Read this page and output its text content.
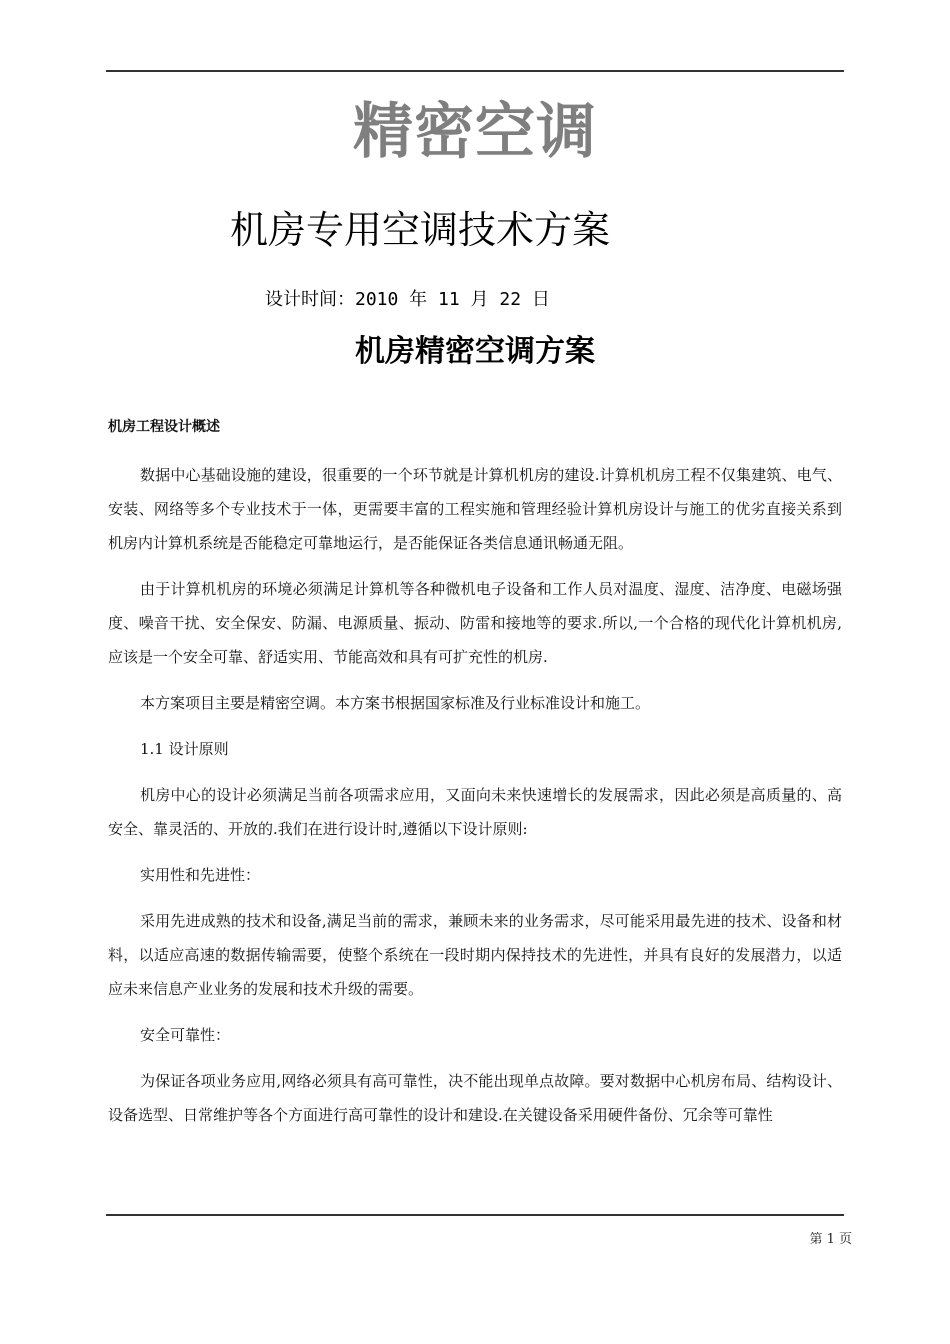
精密空调
机房专用空调技术方案
设计时间：2010 年 11 月 22 日
机房精密空调方案
机房工程设计概述

数据中心基础设施的建设，很重要的一个环节就是计算机机房的建设.计算机机房工程不仅集建筑、电气、安装、网络等多个专业技术于一体，更需要丰富的工程实施和管理经验计算机房设计与施工的优劣直接关系到机房内计算机系统是否能稳定可靠地运行，是否能保证各类信息通讯畅通无阻。

由于计算机机房的环境必须满足计算机等各种微机电子设备和工作人员对温度、湿度、洁净度、电磁场强度、噪音干扰、安全保安、防漏、电源质量、振动、防雷和接地等的要求.所以,一个合格的现代化计算机机房,应该是一个安全可靠、舒适实用、节能高效和具有可扩充性的机房.

本方案项目主要是精密空调。本方案书根据国家标准及行业标准设计和施工。

1.1 设计原则

机房中心的设计必须满足当前各项需求应用，又面向未来快速增长的发展需求，因此必须是高质量的、高安全、靠灵活的、开放的.我们在进行设计时,遵循以下设计原则:

实用性和先进性：

采用先进成熟的技术和设备,满足当前的需求，兼顾未来的业务需求，尽可能采用最先进的技术、设备和材料，以适应高速的数据传输需要，使整个系统在一段时期内保持技术的先进性，并具有良好的发展潜力，以适应未来信息产业业务的发展和技术升级的需要。

安全可靠性：

为保证各项业务应用,网络必须具有高可靠性，决不能出现单点故障。要对数据中心机房布局、结构设计、设备选型、日常维护等各个方面进行高可靠性的设计和建设.在关键设备采用硬件备份、冗余等可靠性

第 1 页
